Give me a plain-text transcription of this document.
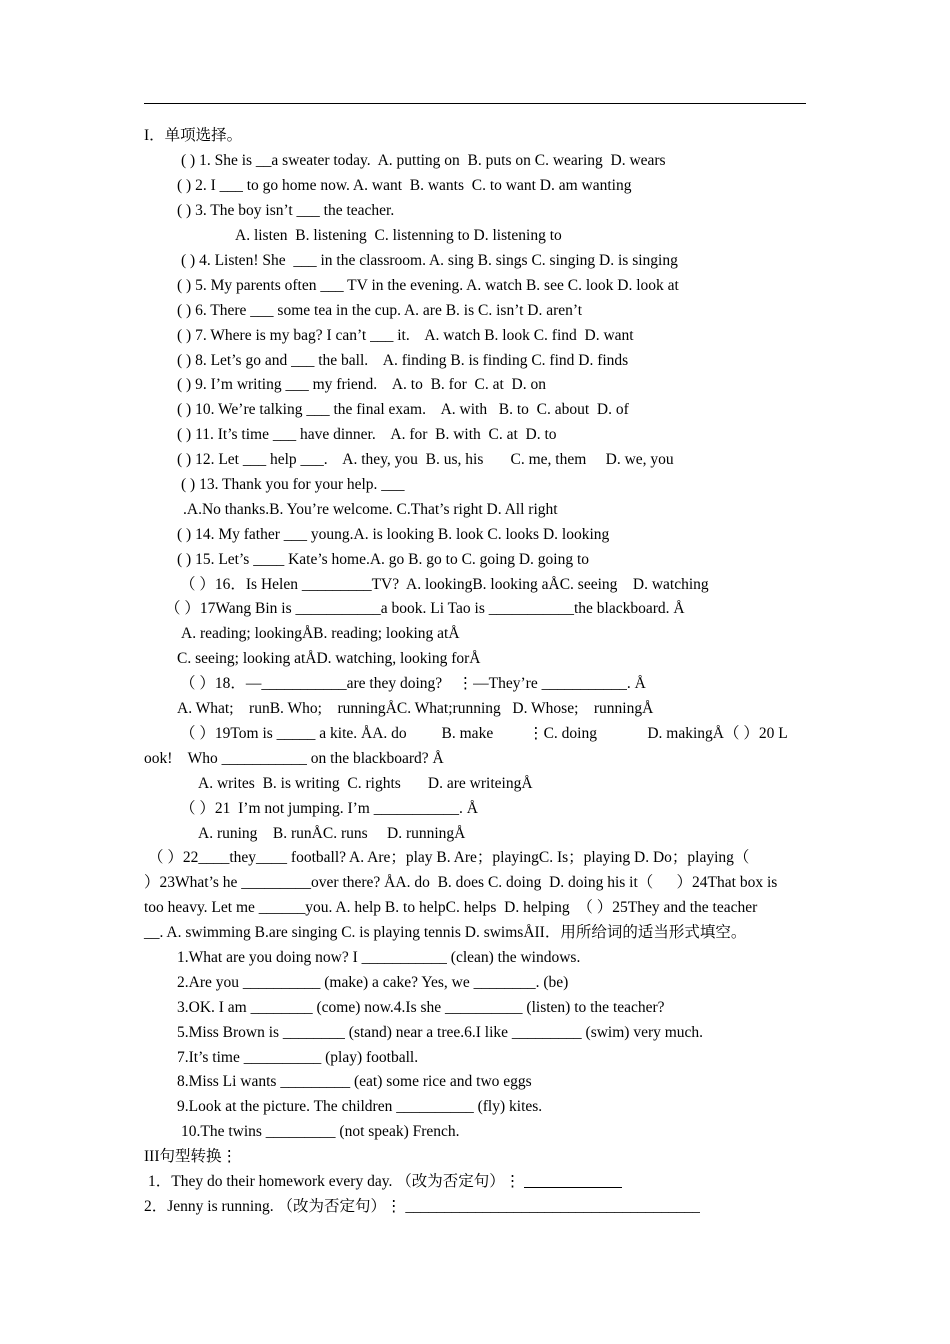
I．单项选择。
( ) 1. She is __a sweater today.  A. putting on  B. puts on C. wearing  D. wears
( ) 2. I ___ to go home now. A. want  B. wants  C. to want D. am wanting
( ) 3. The boy isn’t ___ the teacher.
A. listen  B. listening  C. listenning to D. listening to
( ) 4. Listen! She  ___ in the classroom. A. sing B. sings C. singing D. is singing
( ) 5. My parents often ___ TV in the evening. A. watch B. see C. look D. look at
( ) 6. There ___ some tea in the cup. A. are B. is C. isn’t D. aren’t
( ) 7. Where is my bag? I can’t ___ it.    A. watch B. look C. find  D. want
( ) 8. Let’s go and ___ the ball.    A. finding B. is finding C. find D. finds
( ) 9. I’m writing ___ my friend.    A. to  B. for  C. at  D. on
( ) 10. We’re talking ___ the final exam.    A. with   B. to  C. about  D. of
( ) 11. It’s time ___ have dinner.    A. for  B. with  C. at  D. to
( ) 12. Let ___ help ___.    A. they, you  B. us, his       C. me, them     D. we, you
( ) 13. Thank you for your help. ___
.A.No thanks.B. You’re welcome. C.That’s right D. All right
( ) 14. My father ___ young.A. is looking B. look C. looks D. looking
( ) 15. Let’s ____ Kate’s home.A. go B. go to C. going D. going to
（ ）16．Is Helen _________TV?  A. lookingB. looking aÅC. seeing    D. watching
（ ）17Wang Bin is ___________a book. Li Tao is ___________the blackboard. Å
A. reading; lookingÅB. reading; looking atÅ
C. seeing; looking atÅD. watching, looking forÅ
（ ）18．—___________are they doing?    ⋮—They’re ___________. Å
A. What;    runB. Who;    runningÅC. What;running   D. Whose;    runningÅ
（ ）19Tom is _____ a kite. ÅA. do         B. make         ⋮C. doing             D. makingÅ（ ）20 L
ook!    Who ___________ on the blackboard? Å
A. writes  B. is writing  C. rights       D. are writeingÅ
（ ）21  I’m not jumping. I’m ___________. Å
A. runing    B. runÅC. runs     D. runningÅ
（ ）22____they____ football? A. Are；play B. Are；playingC. Is；playing D. Do；playing（
）23What’s he _________over there? ÅA. do  B. does C. doing  D. doing his it（      ）24That box is
too heavy. Let me ______you. A. help B. to helpC. helps  D. helping  （ ）25They and the teacher
__. A. swimming B.are singing C. is playing tennis D. swimsÅII．用所给词的适当形式填空。
1.What are you doing now? I ___________ (clean) the windows.
2.Are you __________ (make) a cake? Yes, we ________. (be)
3.OK. I am ________ (come) now.4.Is she __________ (listen) to the teacher?
5.Miss Brown is ________ (stand) near a tree.6.I like _________ (swim) very much.
7.It’s time __________ (play) football.
8.Miss Li wants _________ (eat) some rice and two eggs
9.Look at the picture. The children __________ (fly) kites.
10.The twins _________ (not speak) French.
III句型转换⋮
1．They do their homework every day. （改为否定句）⋮
2．Jenny is running. （改为否定句）⋮ ______________________________________
